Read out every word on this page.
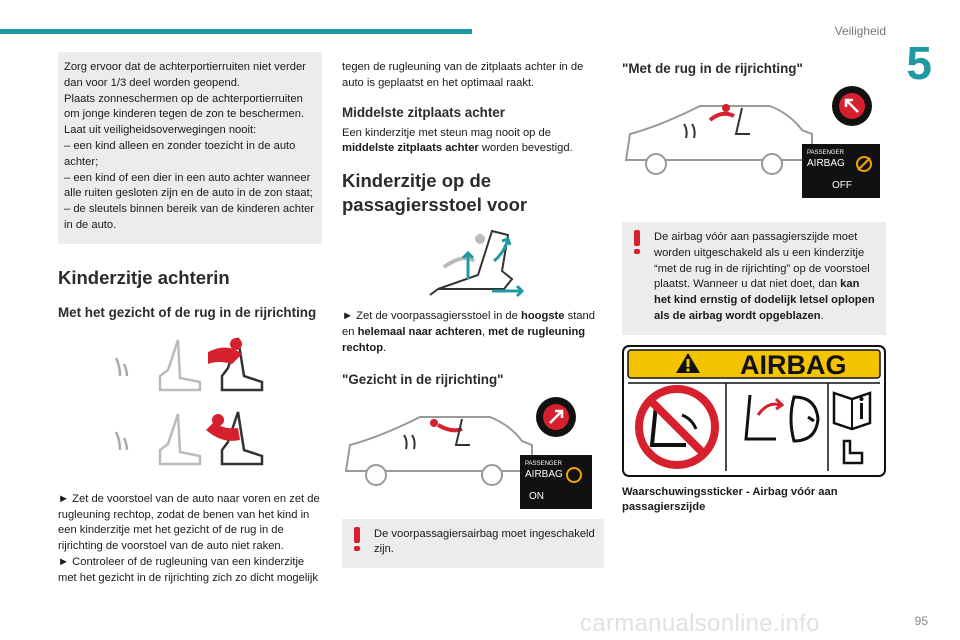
Veiligheid
5
Zorg ervoor dat de achterportierruiten niet verder dan voor 1/3 deel worden geopend.
Plaats zonneschermen op de achterportierruiten om jonge kinderen tegen de zon te beschermen.
Laat uit veiligheidsoverwegingen nooit:
– een kind alleen en zonder toezicht in de auto achter;
– een kind of een dier in een auto achter wanneer alle ruiten gesloten zijn en de auto in de zon staat;
– de sleutels binnen bereik van de kinderen achter in de auto.
Kinderzitje achterin
Met het gezicht of de rug in de rijrichting
► Zet de voorstoel van de auto naar voren en zet de rugleuning rechtop, zodat de benen van het kind in een kinderzitje met het gezicht of de rug in de rijrichting de voorstoel van de auto niet raken.
► Controleer of de rugleuning van een kinderzitje met het gezicht in de rijrichting zich zo dicht mogelijk
tegen de rugleuning van de zitplaats achter in de auto is geplaatst en het optimaal raakt.
Middelste zitplaats achter
Een kinderzitje met steun mag nooit op de middelste zitplaats achter worden bevestigd.
Kinderzitje op de
passagiersstoel voor
► Zet de voorpassagiersstoel in de hoogste stand en helemaal naar achteren, met de rugleuning rechtop.
"Gezicht in de rijrichting"
PASSENGER
AIRBAG
ON
De voorpassagiersairbag moet ingeschakeld zijn.
"Met de rug in de rijrichting"
PASSENGER
AIRBAG
OFF
De airbag vóór aan passagierszijde moet worden uitgeschakeld als u een kinderzitje “met de rug in de rijrichting” op de voorstoel plaatst. Wanneer u dat niet doet, dan kan het kind ernstig of dodelijk letsel oplopen als de airbag wordt opgeblazen.
AIRBAG
Waarschuwingssticker - Airbag vóór aan passagierszijde
carmanualsonline.info	95
